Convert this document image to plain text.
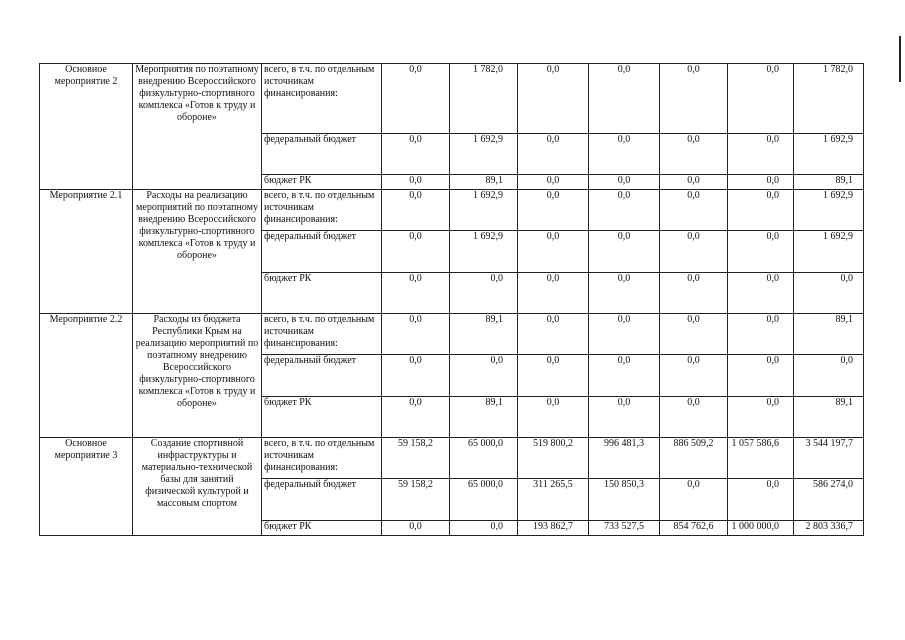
Основное мероприятие 2	Мероприятия по поэтапному внедрению Всероссийского физкультурно-спортивного комплекса «Готов к труду и обороне»	всего, в т.ч. по отдельным источникам финансирования:	0,0	1 782,0	0,0	0,0	0,0	0,0	1 782,0
		федеральный бюджет	0,0	1 692,9	0,0	0,0	0,0	0,0	1 692,9
		бюджет РК	0,0	89,1	0,0	0,0	0,0	0,0	89,1
Мероприятие 2.1	Расходы на реализацию мероприятий по поэтапному внедрению Всероссийского физкультурно-спортивного комплекса «Готов к труду и обороне»	всего, в т.ч. по отдельным источникам финансирования:	0,0	1 692,9	0,0	0,0	0,0	0,0	1 692,9
		федеральный бюджет	0,0	1 692,9	0,0	0,0	0,0	0,0	1 692,9
		бюджет РК	0,0	0,0	0,0	0,0	0,0	0,0	0,0
Мероприятие 2.2	Расходы из бюджета Республики Крым на реализацию мероприятий по поэтапному внедрению Всероссийского физкультурно-спортивного комплекса «Готов к труду и обороне»	всего, в т.ч. по отдельным источникам финансирования:	0,0	89,1	0,0	0,0	0,0	0,0	89,1
		федеральный бюджет	0,0	0,0	0,0	0,0	0,0	0,0	0,0
		бюджет РК	0,0	89,1	0,0	0,0	0,0	0,0	89,1
Основное мероприятие 3	Создание спортивной инфраструктуры и материально-технической базы для занятий физической культурой и массовым спортом	всего, в т.ч. по отдельным источникам финансирования:	59 158,2	65 000,0	519 800,2	996 481,3	886 509,2	1 057 586,6	3 544 197,7
		федеральный бюджет	59 158,2	65 000,0	311 265,5	150 850,3	0,0	0,0	586 274,0
		бюджет РК	0,0	0,0	193 862,7	733 527,5	854 762,6	1 000 000,0	2 803 336,7
